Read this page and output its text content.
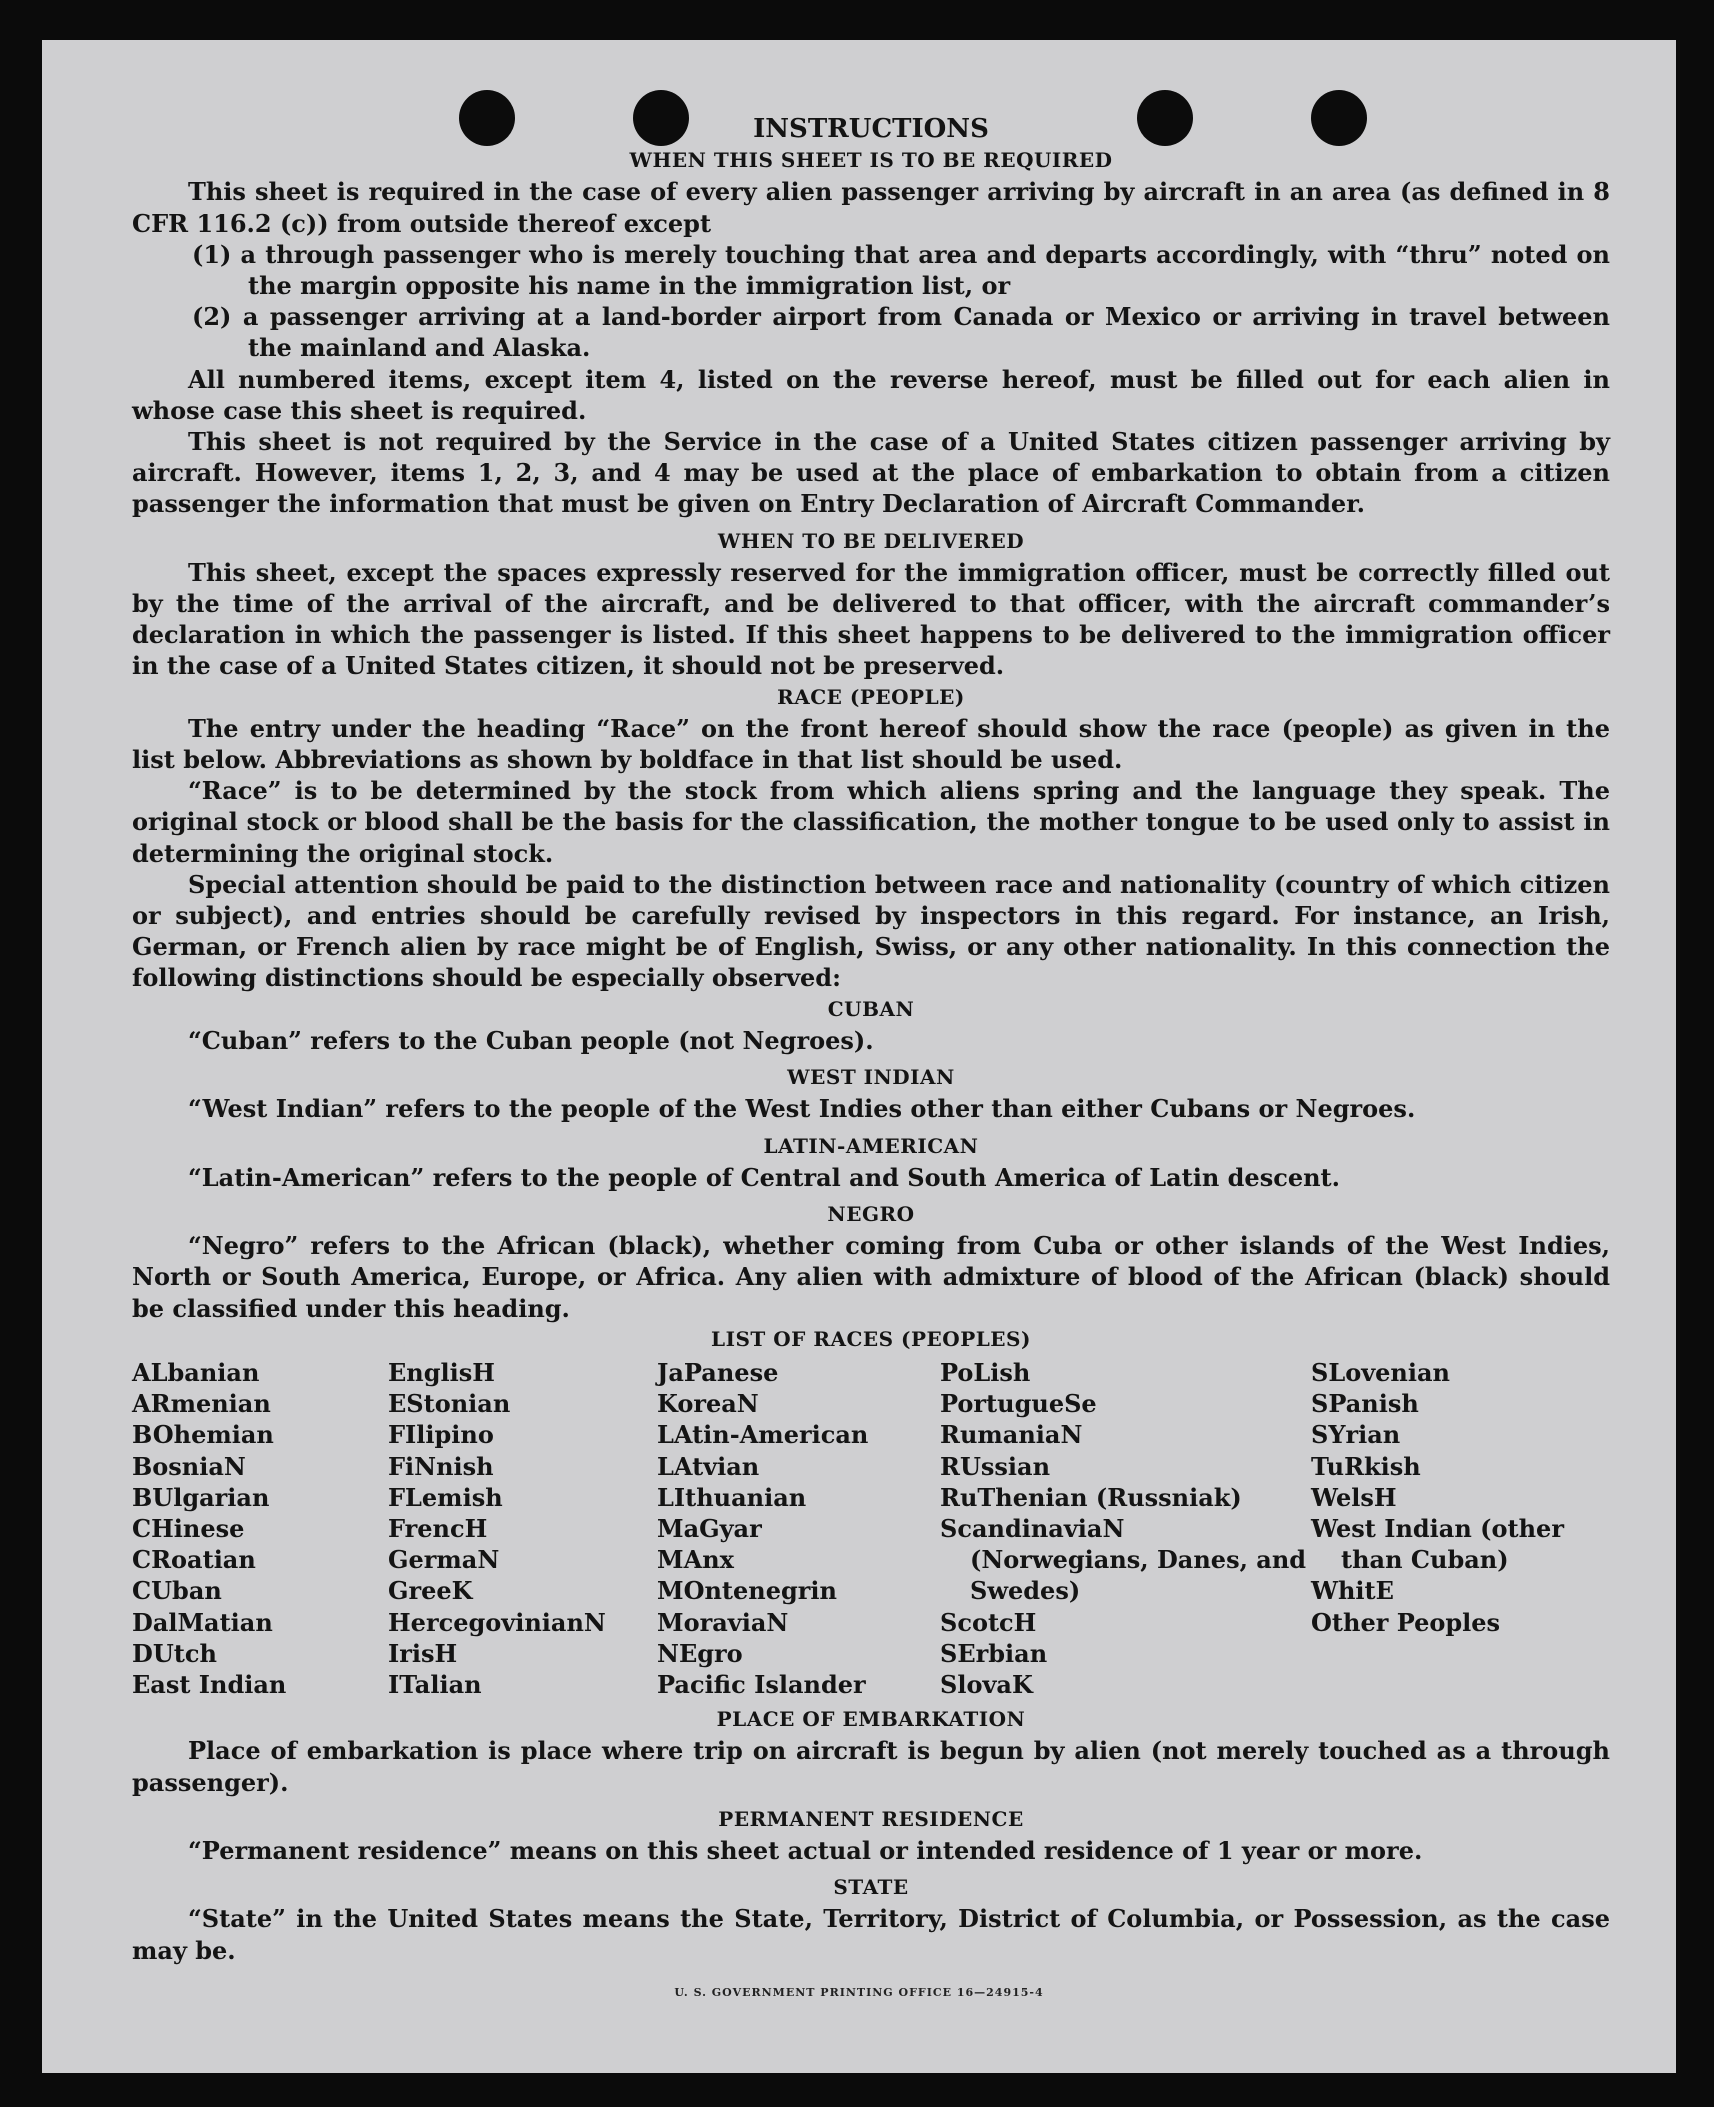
INSTRUCTIONS

WHEN THIS SHEET IS TO BE REQUIRED

This sheet is required in the case of every alien passenger arriving by aircraft in an area (as defined in 8 CFR 116.2 (c)) from outside thereof except

(1) a through passenger who is merely touching that area and departs accordingly, with “thru” noted on the margin opposite his name in the immigration list, or

(2) a passenger arriving at a land-border airport from Canada or Mexico or arriving in travel between the mainland and Alaska.

All numbered items, except item 4, listed on the reverse hereof, must be filled out for each alien in whose case this sheet is required.

This sheet is not required by the Service in the case of a United States citizen passenger arriving by aircraft. However, items 1, 2, 3, and 4 may be used at the place of embarkation to obtain from a citizen passenger the information that must be given on Entry Declaration of Aircraft Commander.

WHEN TO BE DELIVERED

This sheet, except the spaces expressly reserved for the immigration officer, must be correctly filled out by the time of the arrival of the aircraft, and be delivered to that officer, with the aircraft commander’s declaration in which the passenger is listed. If this sheet happens to be delivered to the immigration officer in the case of a United States citizen, it should not be preserved.

RACE (PEOPLE)

The entry under the heading “Race” on the front hereof should show the race (people) as given in the list below. Abbreviations as shown by boldface in that list should be used.

“Race” is to be determined by the stock from which aliens spring and the language they speak. The original stock or blood shall be the basis for the classification, the mother tongue to be used only to assist in determining the original stock.

Special attention should be paid to the distinction between race and nationality (country of which citizen or subject), and entries should be carefully revised by inspectors in this regard. For instance, an Irish, German, or French alien by race might be of English, Swiss, or any other nationality. In this connection the following distinctions should be especially observed:

CUBAN

“Cuban” refers to the Cuban people (not Negroes).

WEST INDIAN

“West Indian” refers to the people of the West Indies other than either Cubans or Negroes.

LATIN-AMERICAN

“Latin-American” refers to the people of Central and South America of Latin descent.

NEGRO

“Negro” refers to the African (black), whether coming from Cuba or other islands of the West Indies, North or South America, Europe, or Africa. Any alien with admixture of blood of the African (black) should be classified under this heading.

LIST OF RACES (PEOPLES)

ALbanian
ARmenian
BOhemian
BosniaN
BUlgarian
CHinese
CRoatian
CUban
DalMatian
DUtch
East Indian
EnglisH
EStonian
FIlipino
FiNnish
FLemish
FrencH
GermaN
GreeK
HercegovinianN
IrisH
ITalian
JaPanese
KoreaN
LAtin-American
LAtvian
LIthuanian
MaGyar
MAnx
MOntenegrin
MoraviaN
NEgro
Pacific Islander
PoLish
PortugueSe
RumaniaN
RUssian
RuThenian (Russniak)
ScandinaviaN (Norwegians, Danes, and Swedes)
ScotcH
SErbian
SlovaK
SLovenian
SPanish
SYrian
TuRkish
WelsH
West Indian (other than Cuban)
WhitE
Other Peoples

PLACE OF EMBARKATION

Place of embarkation is place where trip on aircraft is begun by alien (not merely touched as a through passenger).

PERMANENT RESIDENCE

“Permanent residence” means on this sheet actual or intended residence of 1 year or more.

STATE

“State” in the United States means the State, Territory, District of Columbia, or Possession, as the case may be.

U. S. GOVERNMENT PRINTING OFFICE 16—24915-4
